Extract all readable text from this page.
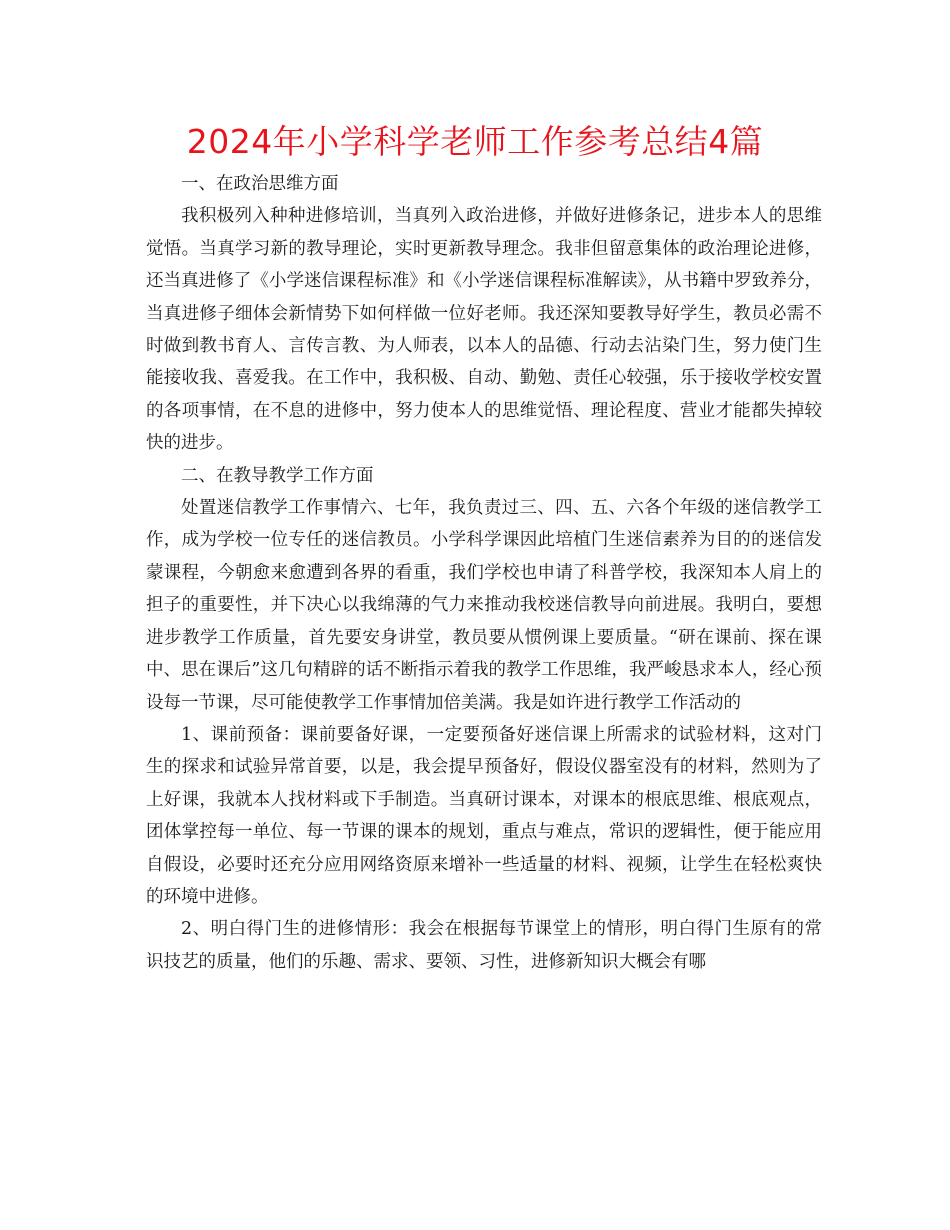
2024年小学科学老师工作参考总结4篇

一、在政治思维方面

我积极列入种种进修培训，当真列入政治进修，并做好进修条记，进步本人的思维觉悟。当真学习新的教导理论，实时更新教导理念。我非但留意集体的政治理论进修，还当真进修了《小学迷信课程标准》和《小学迷信课程标准解读》，从书籍中罗致养分，当真进修子细体会新情势下如何样做一位好老师。我还深知要教导好学生，教员必需不时做到教书育人、言传言教、为人师表，以本人的品德、行动去沾染门生，努力使门生能接收我、喜爱我。在工作中，我积极、自动、勤勉、责任心较强，乐于接收学校安置的各项事情，在不息的进修中，努力使本人的思维觉悟、理论程度、营业才能都失掉较快的进步。

二、在教导教学工作方面

处置迷信教学工作事情六、七年，我负责过三、四、五、六各个年级的迷信教学工作，成为学校一位专任的迷信教员。小学科学课因此培植门生迷信素养为目的的迷信发蒙课程，今朝愈来愈遭到各界的看重，我们学校也申请了科普学校，我深知本人肩上的担子的重要性，并下决心以我绵薄的气力来推动我校迷信教导向前进展。我明白，要想进步教学工作质量，首先要安身讲堂，教员要从惯例课上要质量。“研在课前、探在课中、思在课后”这几句精辟的话不断指示着我的教学工作思维，我严峻恳求本人，经心预设每一节课，尽可能使教学工作事情加倍美满。我是如许进行教学工作活动的

1、课前预备：课前要备好课，一定要预备好迷信课上所需求的试验材料，这对门生的探求和试验异常首要，以是，我会提早预备好，假设仪器室没有的材料，然则为了上好课，我就本人找材料或下手制造。当真研讨课本，对课本的根底思维、根底观点，团体掌控每一单位、每一节课的课本的规划，重点与难点，常识的逻辑性，便于能应用自假设，必要时还充分应用网络资原来增补一些适量的材料、视频，让学生在轻松爽快的环境中进修。

2、明白得门生的进修情形：我会在根据每节课堂上的情形，明白得门生原有的常识技艺的质量，他们的乐趣、需求、要领、习性，进修新知识大概会有哪
